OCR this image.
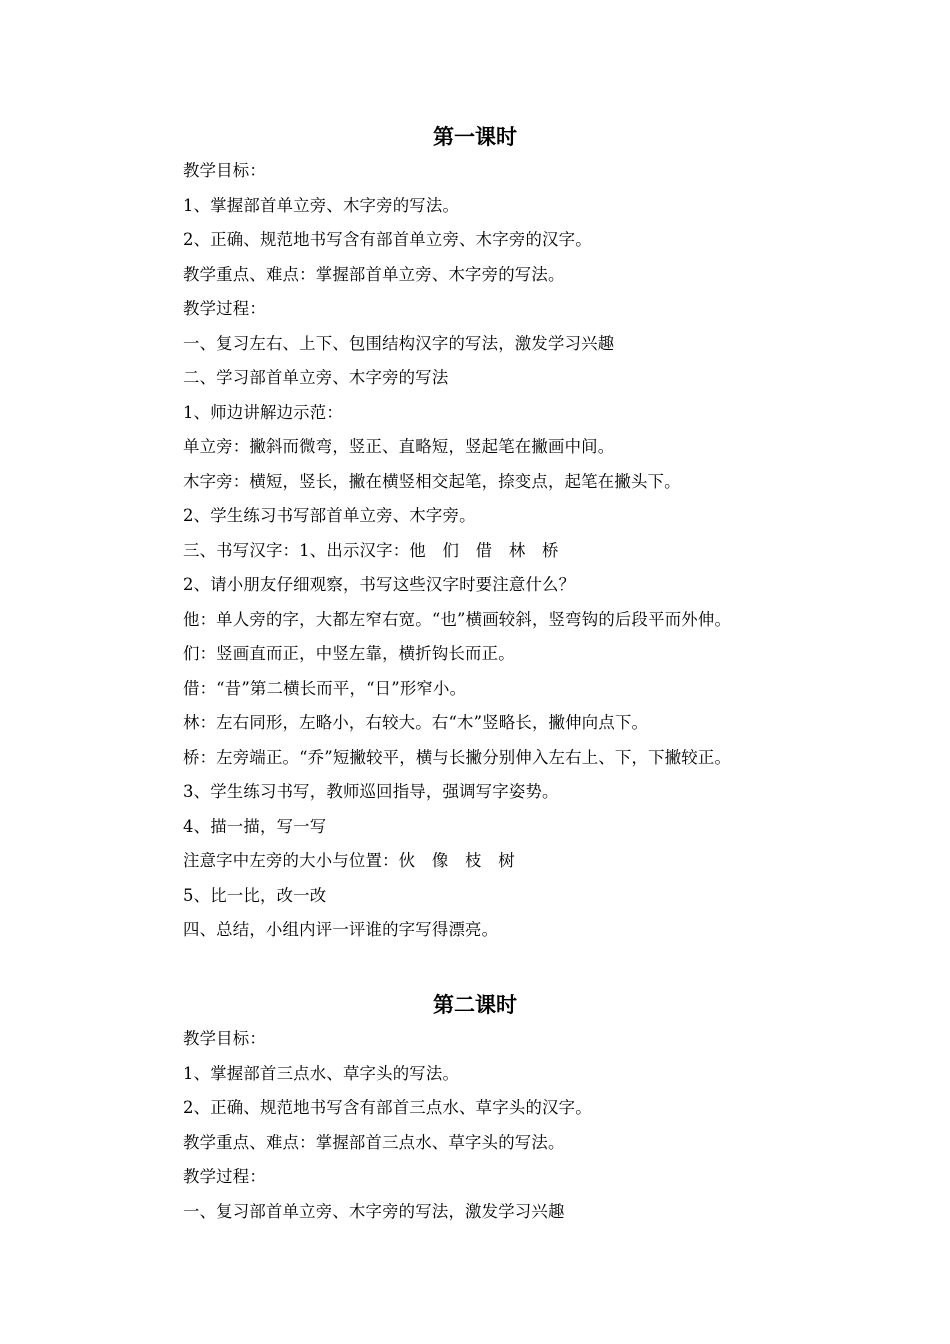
第一课时
教学目标：
1、掌握部首单立旁、木字旁的写法。
2、正确、规范地书写含有部首单立旁、木字旁的汉字。
教学重点、难点：掌握部首单立旁、木字旁的写法。
教学过程：
一、复习左右、上下、包围结构汉字的写法，激发学习兴趣
二、学习部首单立旁、木字旁的写法
1、师边讲解边示范：
单立旁：撇斜而微弯，竖正、直略短，竖起笔在撇画中间。
木字旁：横短，竖长，撇在横竖相交起笔，捺变点，起笔在撇头下。
2、学生练习书写部首单立旁、木字旁。
三、书写汉字：1、出示汉字：他　们　借　林　桥
2、请小朋友仔细观察，书写这些汉字时要注意什么？
他：单人旁的字，大都左窄右宽。“也”横画较斜，竖弯钩的后段平而外伸。
们：竖画直而正，中竖左靠，横折钩长而正。
借：“昔”第二横长而平，“日”形窄小。
林：左右同形，左略小，右较大。右“木”竖略长，撇伸向点下。
桥：左旁端正。“乔”短撇较平，横与长撇分别伸入左右上、下，下撇较正。
3、学生练习书写，教师巡回指导，强调写字姿势。
4、描一描，写一写
注意字中左旁的大小与位置：伙　像　枝　树
5、比一比，改一改
四、总结，小组内评一评谁的字写得漂亮。
第二课时
教学目标：
1、掌握部首三点水、草字头的写法。
2、正确、规范地书写含有部首三点水、草字头的汉字。
教学重点、难点：掌握部首三点水、草字头的写法。
教学过程：
一、复习部首单立旁、木字旁的写法，激发学习兴趣
